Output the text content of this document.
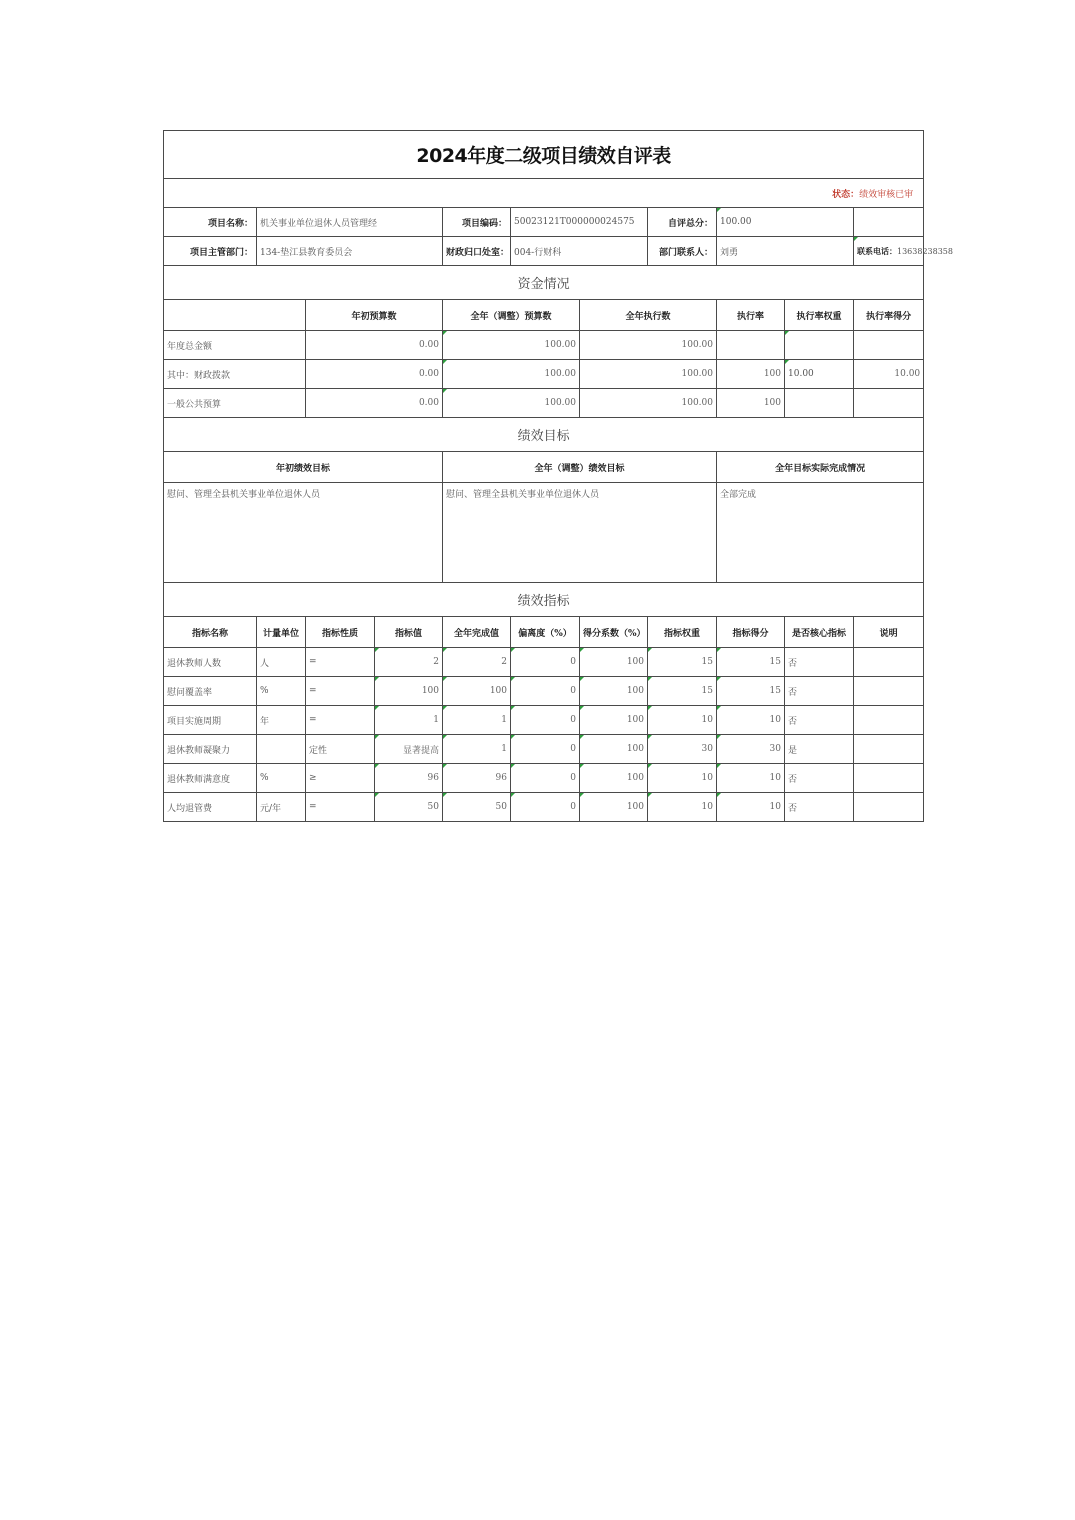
2024年度二级项目绩效自评表										
状态：绩效审核已审										
项目名称：	机关事业单位退休人员管理经			项目编码：	50023121T000000024575		自评总分：	100.00		
项目主管部门：	134-垫江县教育委员会			财政归口处室：	004-行财科		部门联系人：	刘勇		联系电话：13638238358
资金情况										
		年初预算数		全年（调整）预算数		全年执行数		执行率	执行率权重	执行率得分
年度总金额		0.00		100.00		100.00				
其中：财政拨款		0.00		100.00		100.00		100	10.00	10.00
一般公共预算		0.00		100.00		100.00		100		
绩效目标										
年初绩效目标				全年（调整）绩效目标				全年目标实际完成情况		
慰问、管理全县机关事业单位退休人员				慰问、管理全县机关事业单位退休人员				全部完成		
绩效指标										
指标名称	计量单位	指标性质	指标值	全年完成值	偏离度（%）	得分系数（%）	指标权重	指标得分	是否核心指标	说明
退休教师人数	人	=	2	2	0	100	15	15	否	
慰问覆盖率	%	=	100	100	0	100	15	15	否	
项目实施周期	年	=	1	1	0	100	10	10	否	
退休教师凝聚力		定性	显著提高	1	0	100	30	30	是	
退休教师满意度	%	≥	96	96	0	100	10	10	否	
人均退管费	元/年	=	50	50	0	100	10	10	否	
